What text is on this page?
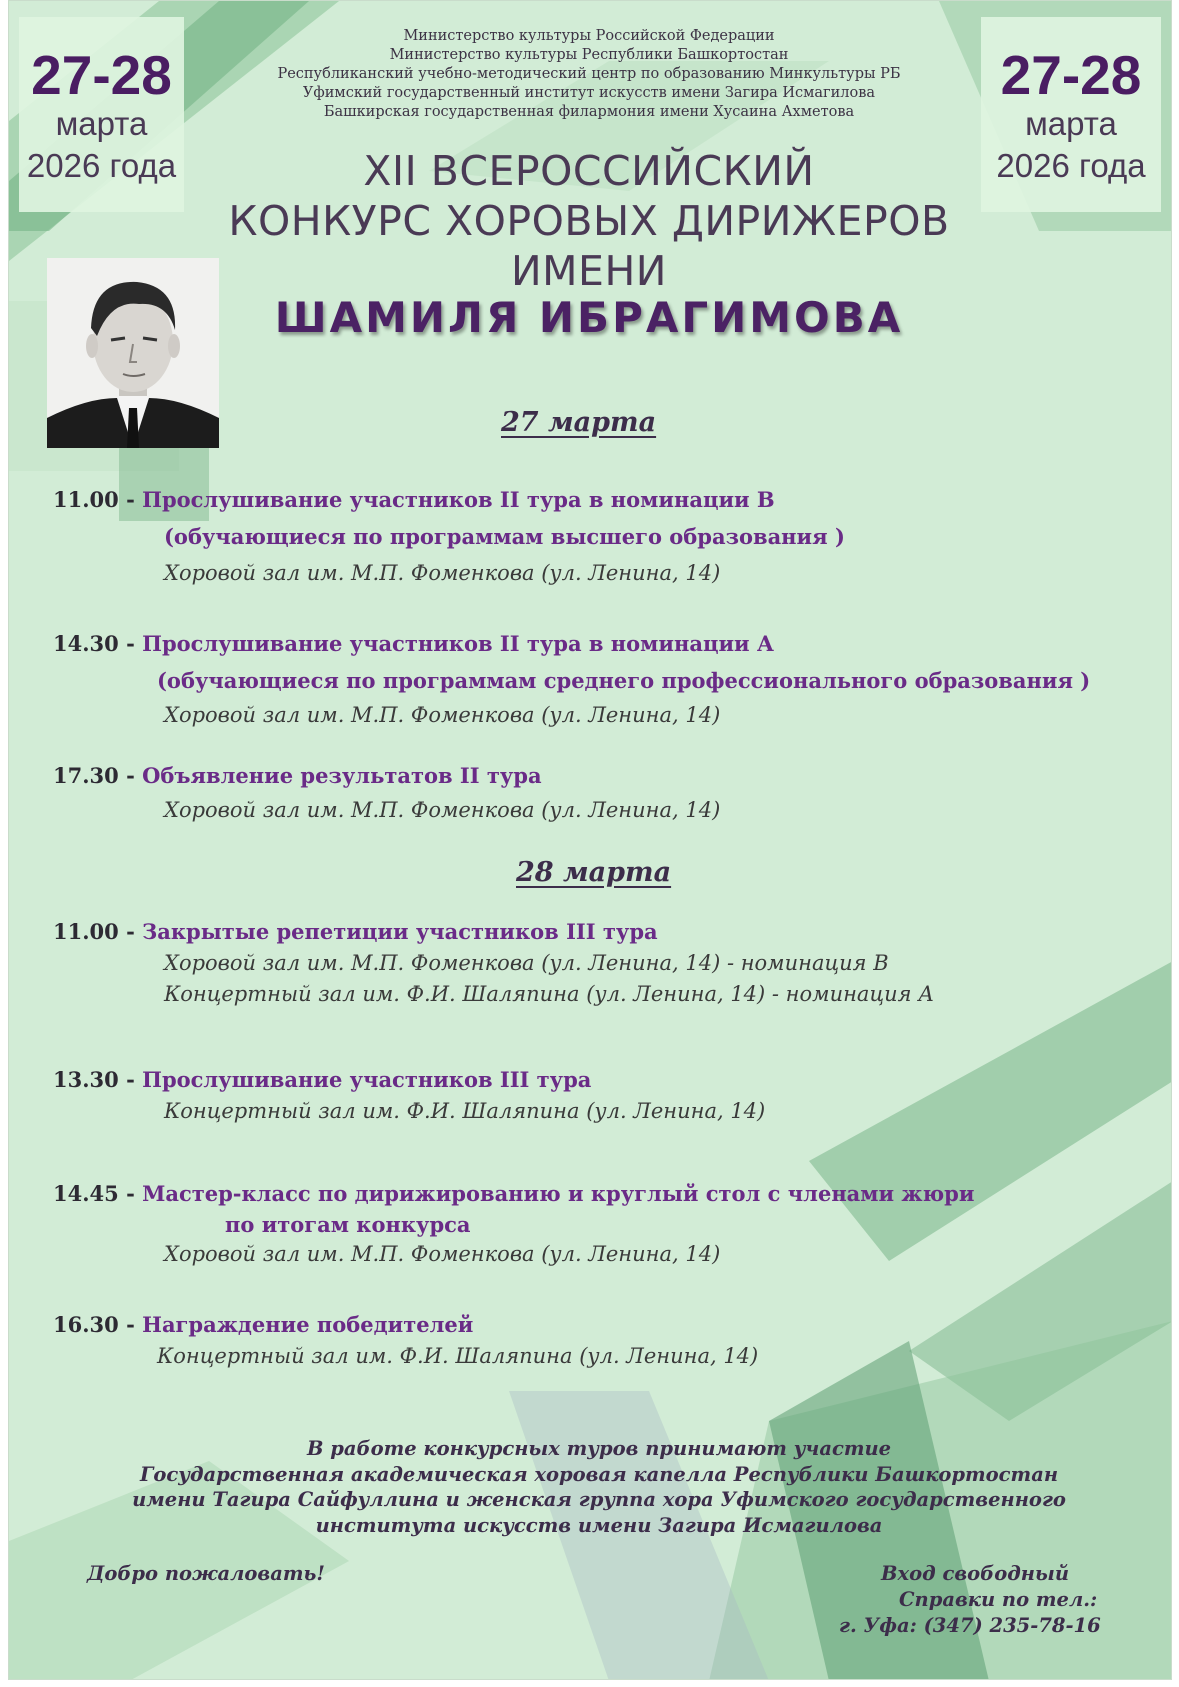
27-28
марта
2026 года
27-28
марта
2026 года
Министерство культуры Российской Федерации
Министерство культуры Республики Башкортостан
Республиканский учебно-методический центр по образованию Минкультуры РБ
Уфимский государственный институт искусств имени Загира Исмагилова
Башкирская государственная филармония имени Хусаина Ахметова
XII ВСЕРОССИЙСКИЙ
КОНКУРС ХОРОВЫХ ДИРИЖЕРОВ
ИМЕНИ
ШАМИЛЯ ИБРАГИМОВА
27 марта
11.00 - Прослушивание участников II тура в номинации В
(обучающиеся по программам высшего образования )
Хоровой зал им. М.П. Фоменкова (ул. Ленина, 14)
14.30 - Прослушивание участников II тура в номинации А
(обучающиеся по программам среднего профессионального образования )
Хоровой зал им. М.П. Фоменкова (ул. Ленина, 14)
17.30 - Объявление результатов II тура
Хоровой зал им. М.П. Фоменкова (ул. Ленина, 14)
28 марта
11.00 - Закрытые репетиции участников III тура
Хоровой зал им. М.П. Фоменкова (ул. Ленина, 14) - номинация В
Концертный зал им. Ф.И. Шаляпина (ул. Ленина, 14) - номинация А
13.30 - Прослушивание участников III тура
Концертный зал им. Ф.И. Шаляпина (ул. Ленина, 14)
14.45 - Мастер-класс по дирижированию и круглый стол с членами жюри
по итогам конкурса
Хоровой зал им. М.П. Фоменкова (ул. Ленина, 14)
16.30 - Награждение победителей
Концертный зал им. Ф.И. Шаляпина (ул. Ленина, 14)
В работе конкурсных туров принимают участие
Государственная академическая хоровая капелла Республики Башкортостан
имени Тагира Сайфуллина и женская группа хора Уфимского государственного
института искусств имени Загира Исмагилова
Добро пожаловать!	Вход свободный
Справки по тел.:
г. Уфа: (347) 235-78-16
